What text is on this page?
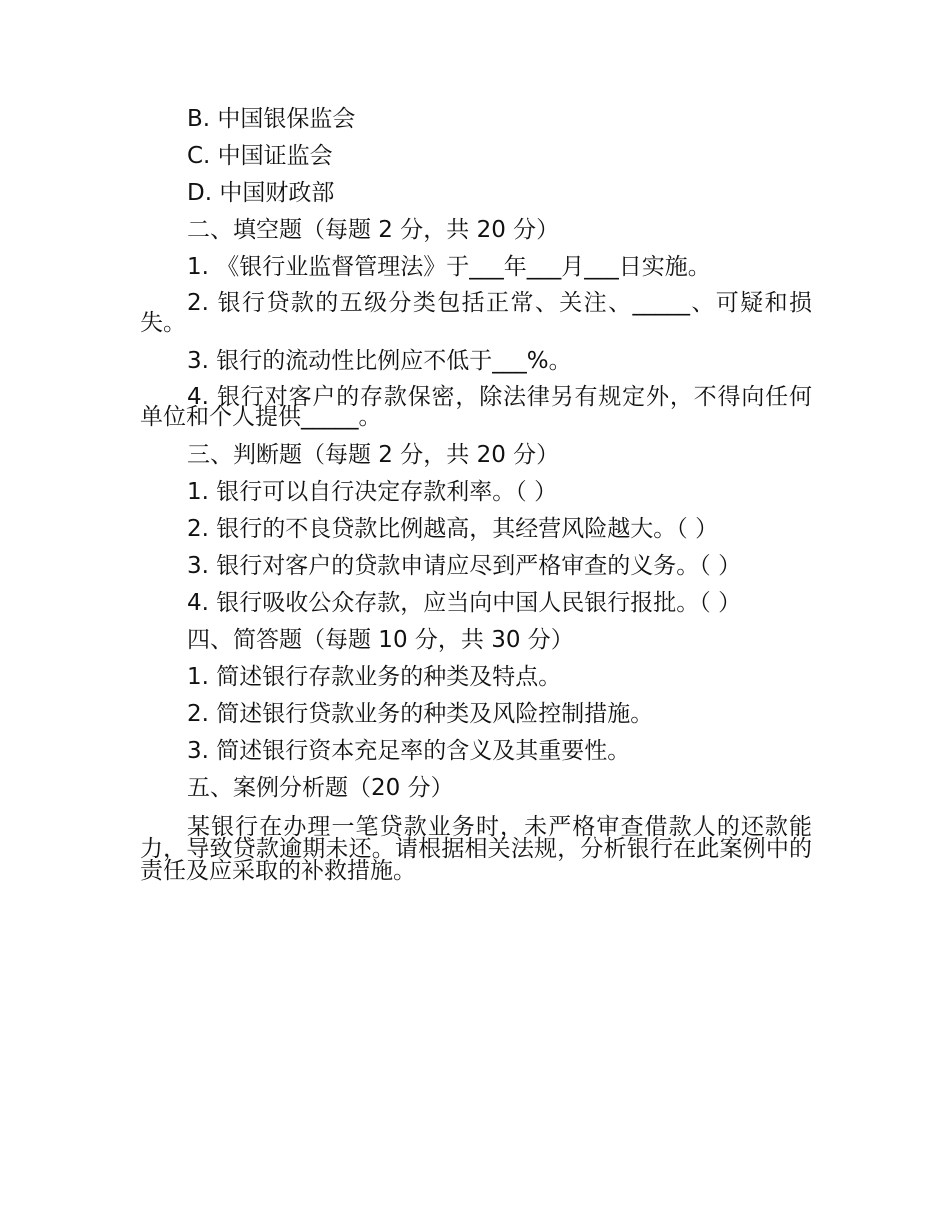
B. 中国银保监会
C. 中国证监会
D. 中国财政部
二、填空题（每题 2 分，共 20 分）
1. 《银行业监督管理法》于___年___月___日实施。
2. 银行贷款的五级分类包括正常、关注、_____、可疑和损失。
3. 银行的流动性比例应不低于___%。
4. 银行对客户的存款保密，除法律另有规定外，不得向任何单位和个人提供_____。
三、判断题（每题 2 分，共 20 分）
1. 银行可以自行决定存款利率。（ ）
2. 银行的不良贷款比例越高，其经营风险越大。（ ）
3. 银行对客户的贷款申请应尽到严格审查的义务。（ ）
4. 银行吸收公众存款，应当向中国人民银行报批。（ ）
四、简答题（每题 10 分，共 30 分）
1. 简述银行存款业务的种类及特点。
2. 简述银行贷款业务的种类及风险控制措施。
3. 简述银行资本充足率的含义及其重要性。
五、案例分析题（20 分）
某银行在办理一笔贷款业务时，未严格审查借款人的还款能力，导致贷款逾期未还。请根据相关法规，分析银行在此案例中的责任及应采取的补救措施。
